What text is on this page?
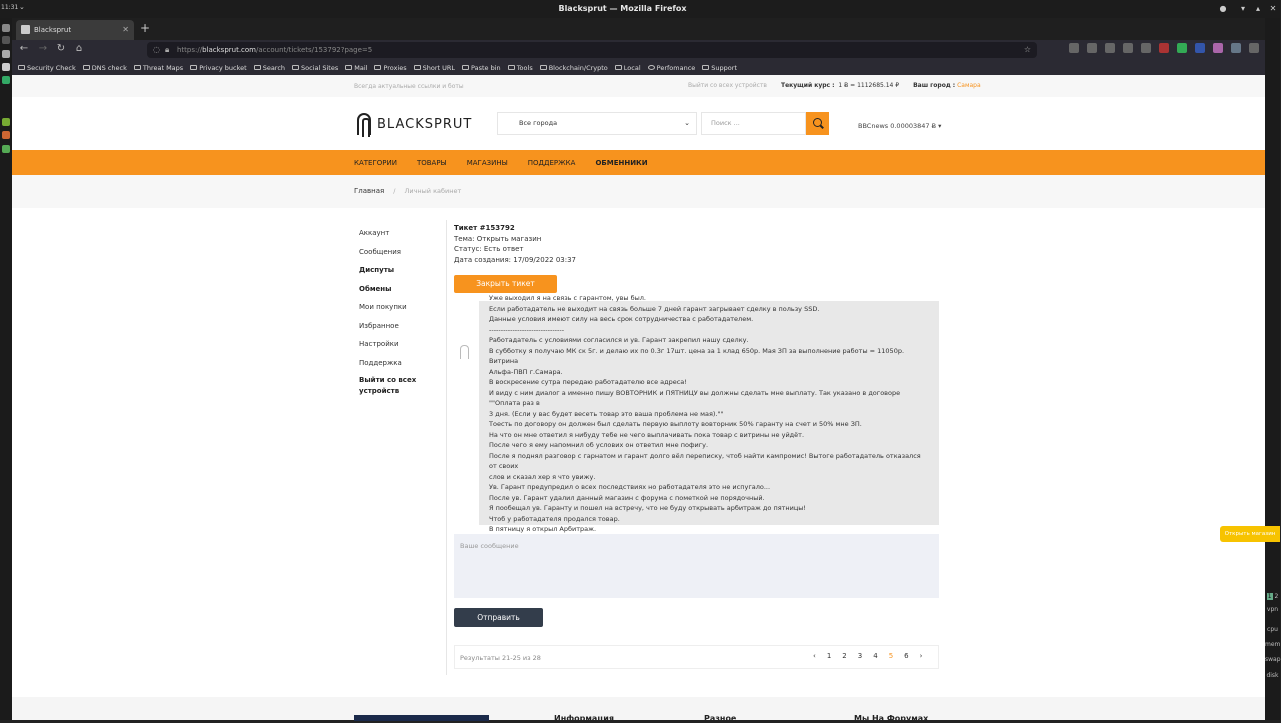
11:31 ⌄	Blacksprut — Mozilla Firefox	●	▾	▴	✕
1 2
vpn
cpu
mem
swap
disk
Blacksprut	✕ +
← → ↻ ⌂	◌ 🔒︎ https://blacksprut.com/account/tickets/153792?page=5	☆
Security Check DNS check Threat Maps Privacy bucket Search Social Sites Mail Proxies Short URL Paste bin Tools Blockchain/Crypto Local Perfomance Support
Всегда актуальные ссылки и боты	Выйти со всех устройств Текущий курс : 1 Ƀ = 1112685.14 ₽ Ваш город : Самара
BLACKSPRUT	Все города	⌄	Поиск ...	BBCnews 0.00003847 Ƀ ▾
КАТЕГОРИИ	ТОВАРЫ	МАГАЗИНЫ	ПОДДЕРЖКА	ОБМЕННИКИ
Главная / Личный кабинет
Аккаунт
Сообщения
Диспуты
Обмены
Мои покупки
Избранное
Настройки
Поддержка
Выйти со всех
устройств
Тикет #153792
Тема: Открыть магазин
Статус: Есть ответ
Дата создания: 17/09/2022 03:37
Закрыть тикет
Уже выходил я на связь с гарантом, увы был.
Если работадатель не выходит на связь больше 7 дней гарант загрывает сделку в пользу SSD.
Данные условия имеют силу на весь срок сотрудничества с работадателем.
--------------------------------
Работадатель с условиями согласился и ув. Гарант закрепил нашу сделку.
В субботку я получаю МК ск 5г. и делаю их по 0.3г 17шт. цена за 1 клад 650р. Мая ЗП за выполнение работы = 11050р. Витрина
Альфа-ПВП г.Самара.
В воскресение сутра передаю работадателю все адреса!
И виду с ним диалог а именно пишу ВОВТОРНИК и ПЯТНИЦУ вы должны сделать мне выплату. Так указано в договоре ""Оплата раз в
3 дня. (Если у вас будет весеть товар это ваша проблема не мая).""
Тоесть по договору он должен был сделать первую выплоту вовторник 50% гаранту на счет и 50% мне ЗП.
На что он мне ответил я нибуду тебе не чего выплачивать пока товар с витрины не уйдёт.
После чего я ему напомнил об услових он ответил мне пофигу.
После я поднял разговор с гарнатом и гарант долго вёл переписку, чтоб найти кампромис! Вытоге работадатель отказался от своих
слов и сказал хер я что увижу.
Ув. Гарант предупредил о всех последствиях но работадателя это не испугало...
После ув. Гарант удалил данный магазин с форума с пометкой не порядочный.
Я пообещал ув. Гаранту и пошел на встречу, что не буду открывать арбитраж до пятницы!
Чтоб у работадателя продался товар.
В пятницу я открыл Арбитраж.
Ваше сообщение
Отправить
Результаты 21-25 из 28	‹ 1 2 3 4 5 6 ›
Открыть магазин
Информация	Разное	Мы На Форумах
